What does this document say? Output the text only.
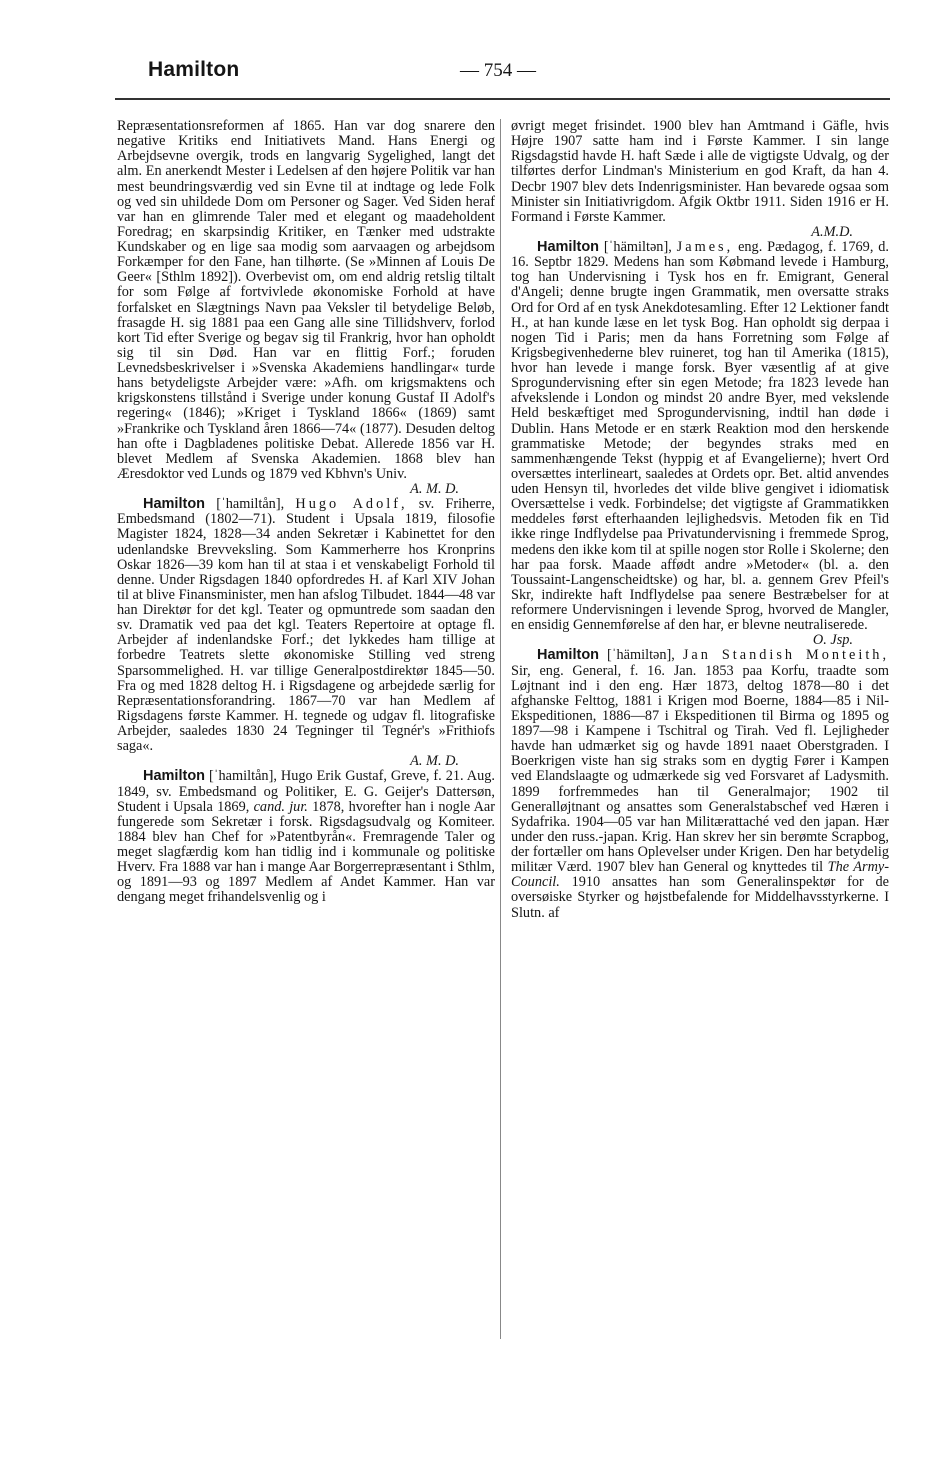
Hamilton	— 754 —

Repræsentationsreformen af 1865. Han var dog snarere den negative Kritiks end Initiativets Mand. Hans Energi og Arbejdsevne overgik, trods en langvarig Sygelighed, langt det alm. En anerkendt Mester i Ledelsen af den højere Politik var han mest beundringsværdig ved sin Evne til at indtage og lede Folk og ved sin uhildede Dom om Personer og Sager. Ved Siden heraf var han en glimrende Taler med et elegant og maadeholdent Foredrag; en skarpsindig Kritiker, en Tænker med udstrakte Kundskaber og en lige saa modig som aarvaagen og arbejdsom Forkæmper for den Fane, han tilhørte. (Se »Minnen af Louis De Geer« [Sthlm 1892]). Overbevist om, om end aldrig retslig tiltalt for som Følge af fortvivlede økonomiske Forhold at have forfalsket en Slægtnings Navn paa Veksler til betydelige Beløb, frasagde H. sig 1881 paa een Gang alle sine Tillidshverv, forlod kort Tid efter Sverige og begav sig til Frankrig, hvor han opholdt sig til sin Død. Han var en flittig Forf.; foruden Levnedsbeskrivelser i »Svenska Akademiens handlingar« turde hans betydeligste Arbejder være: »Afh. om krigsmaktens och krigskonstens tillstånd i Sverige under konung Gustaf II Adolf's regering« (1846); »Kriget i Tyskland 1866« (1869) samt »Frankrike och Tyskland åren 1866—74« (1877). Desuden deltog han ofte i Dagbladenes politiske Debat. Allerede 1856 var H. blevet Medlem af Svenska Akademien. 1868 blev han Æresdoktor ved Lunds og 1879 ved Kbhvn's Univ.
A. M. D.

Hamilton [ˈhamiltån], Hugo Adolf, sv. Friherre, Embedsmand (1802—71). Student i Upsala 1819, filosofie Magister 1824, 1828—34 anden Sekretær i Kabinettet for den udenlandske Brevveksling. Som Kammerherre hos Kronprins Oskar 1826—39 kom han til at staa i et venskabeligt Forhold til denne. Under Rigsdagen 1840 opfordredes H. af Karl XIV Johan til at blive Finansminister, men han afslog Tilbudet. 1844—48 var han Direktør for det kgl. Teater og opmuntrede som saadan den sv. Dramatik ved paa det kgl. Teaters Repertoire at optage fl. Arbejder af indenlandske Forf.; det lykkedes ham tillige at forbedre Teatrets slette økonomiske Stilling ved streng Sparsommelighed. H. var tillige Generalpostdirektør 1845—50. Fra og med 1828 deltog H. i Rigsdagene og arbejdede særlig for Repræsentationsforandring. 1867—70 var han Medlem af Rigsdagens første Kammer. H. tegnede og udgav fl. litografiske Arbejder, saaledes 1830 24 Tegninger til Tegnér's »Frithiofs saga«.
A. M. D.

Hamilton [ˈhamiltån], Hugo Erik Gustaf, Greve, f. 21. Aug. 1849, sv. Embedsmand og Politiker, E. G. Geijer's Dattersøn, Student i Upsala 1869, cand. jur. 1878, hvorefter han i nogle Aar fungerede som Sekretær i forsk. Rigsdagsudvalg og Komiteer. 1884 blev han Chef for »Patentbyrån«. Fremragende Taler og meget slagfærdig kom han tidlig ind i kommunale og politiske Hverv. Fra 1888 var han i mange Aar Borgerrepræsentant i Sthlm, og 1891—93 og 1897 Medlem af Andet Kammer. Han var dengang meget frihandelsvenlig og i

øvrigt meget frisindet. 1900 blev han Amtmand i Gäfle, hvis Højre 1907 satte ham ind i Første Kammer. I sin lange Rigsdagstid havde H. haft Sæde i alle de vigtigste Udvalg, og der tilførtes derfor Lindman's Ministerium en god Kraft, da han 4. Decbr 1907 blev dets Indenrigsminister. Han bevarede ogsaa som Minister sin Initiativrigdom. Afgik Oktbr 1911. Siden 1916 er H. Formand i Første Kammer.
A.M.D.

Hamilton [ˈhämiltən], James, eng. Pædagog, f. 1769, d. 16. Septbr 1829. Medens han som Købmand levede i Hamburg, tog han Undervisning i Tysk hos en fr. Emigrant, General d'Angeli; denne brugte ingen Grammatik, men oversatte straks Ord for Ord af en tysk Anekdotesamling. Efter 12 Lektioner fandt H., at han kunde læse en let tysk Bog. Han opholdt sig derpaa i nogen Tid i Paris; men da hans Forretning som Følge af Krigsbegivenhederne blev ruineret, tog han til Amerika (1815), hvor han levede i mange forsk. Byer væsentlig af at give Sprogundervisning efter sin egen Metode; fra 1823 levede han afvekslende i London og mindst 20 andre Byer, med vekslende Held beskæftiget med Sprogundervisning, indtil han døde i Dublin. Hans Metode er en stærk Reaktion mod den herskende grammatiske Metode; der begyndes straks med en sammenhængende Tekst (hyppig et af Evangelierne); hvert Ord oversættes interlineart, saaledes at Ordets opr. Bet. altid anvendes uden Hensyn til, hvorledes det vilde blive gengivet i idiomatisk Oversættelse i vedk. Forbindelse; det vigtigste af Grammatikken meddeles først efterhaanden lejlighedsvis. Metoden fik en Tid ikke ringe Indflydelse paa Privatundervisning i fremmede Sprog, medens den ikke kom til at spille nogen stor Rolle i Skolerne; den har paa forsk. Maade affødt andre »Metoder« (bl. a. den Toussaint-Langenscheidtske) og har, bl. a. gennem Grev Pfeil's Skr, indirekte haft Indflydelse paa senere Bestræbelser for at reformere Undervisningen i levende Sprog, hvorved de Mangler, en ensidig Gennemførelse af den har, er blevne neutraliserede.
O. Jsp.

Hamilton [ˈhämiltən], Jan Standish Monteith, Sir, eng. General, f. 16. Jan. 1853 paa Korfu, traadte som Løjtnant ind i den eng. Hær 1873, deltog 1878—80 i det afghanske Felttog, 1881 i Krigen mod Boerne, 1884—85 i Nil-Ekspeditionen, 1886—87 i Ekspeditionen til Birma og 1895 og 1897—98 i Kampene i Tschitral og Tirah. Ved fl. Lejligheder havde han udmærket sig og havde 1891 naaet Oberstgraden. I Boerkrigen viste han sig straks som en dygtig Fører i Kampen ved Elandslaagte og udmærkede sig ved Forsvaret af Ladysmith. 1899 forfremmedes han til Generalmajor; 1902 til Generalløjtnant og ansattes som Generalstabschef ved Hæren i Sydafrika. 1904—05 var han Militærattaché ved den japan. Hær under den russ.-japan. Krig. Han skrev her sin berømte Scrapbog, der fortæller om hans Oplevelser under Krigen. Den har betydelig militær Værd. 1907 blev han General og knyttedes til The Army-Council. 1910 ansattes han som Generalinspektør for de oversøiske Styrker og højstbefalende for Middelhavsstyrkerne. I Slutn. af
